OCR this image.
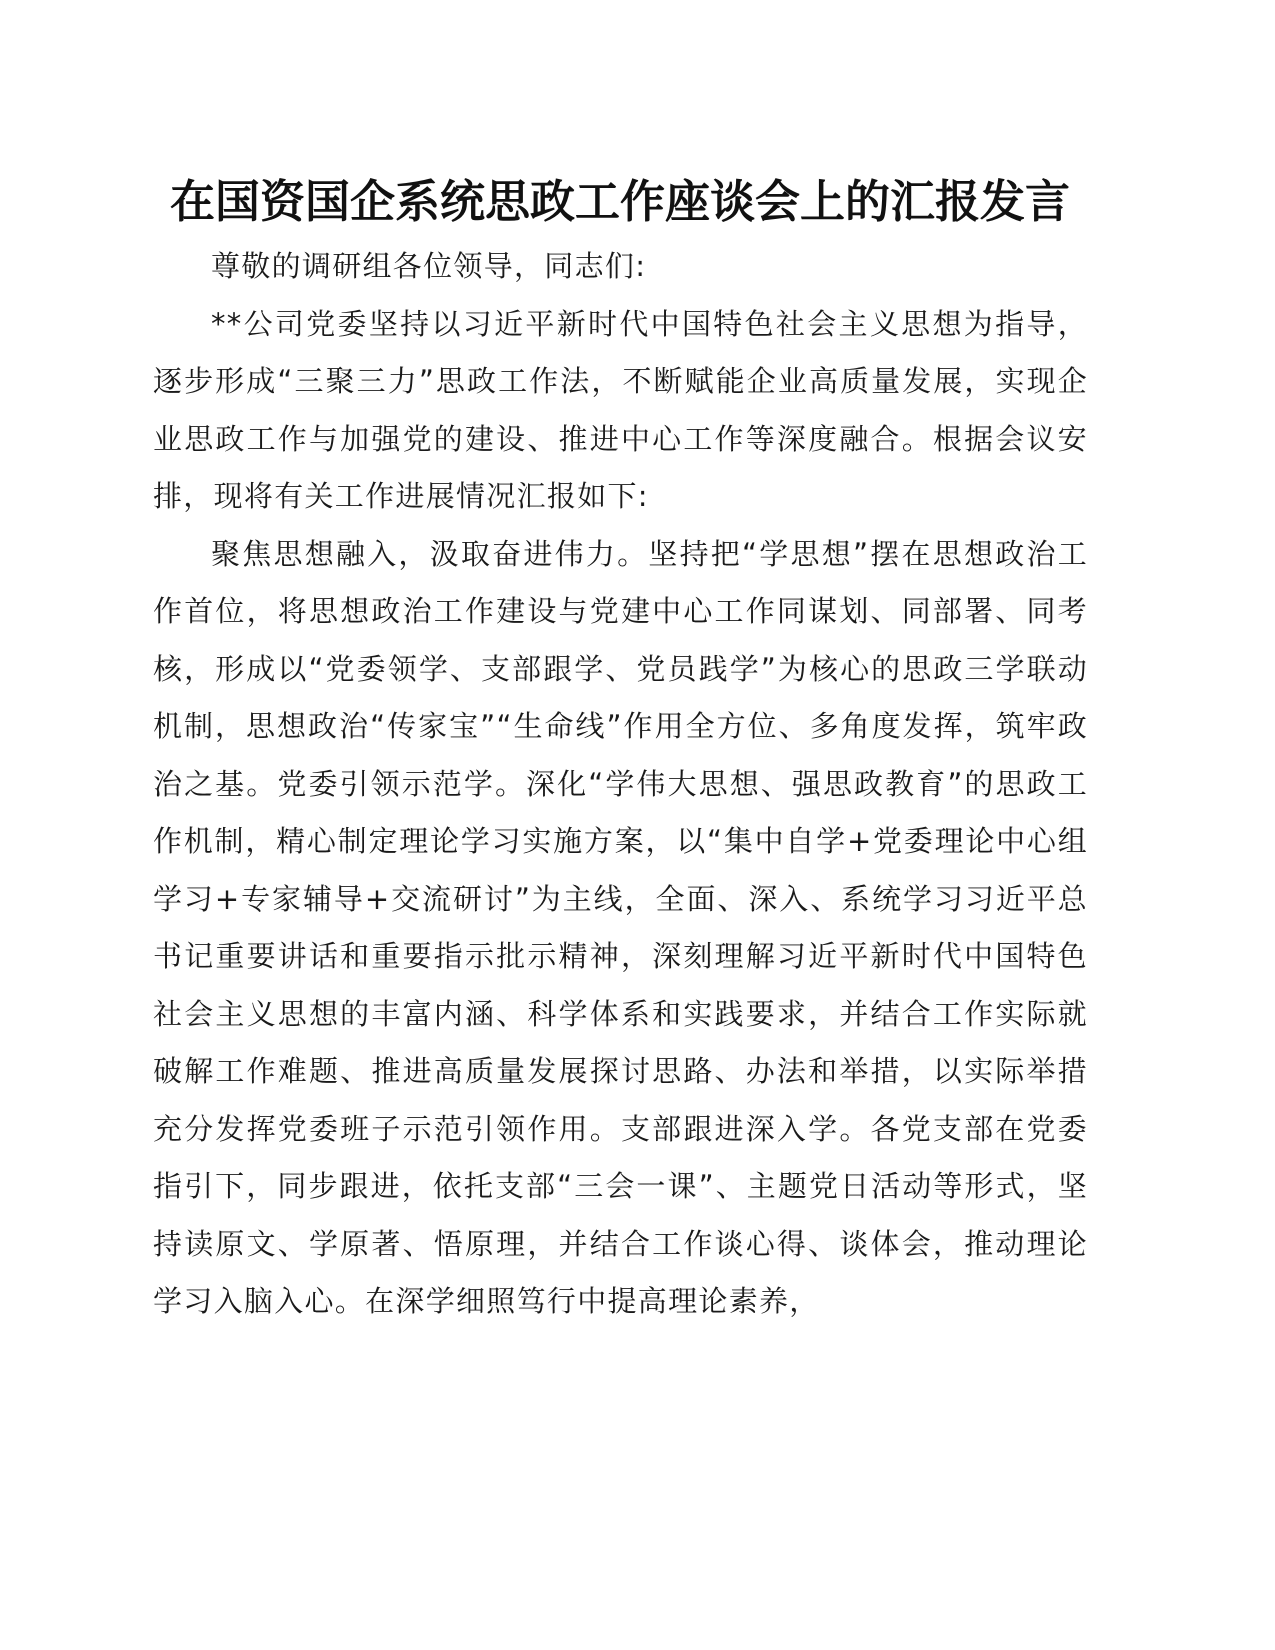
在国资国企系统思政工作座谈会上的汇报发言

尊敬的调研组各位领导，同志们:

**公司党委坚持以习近平新时代中国特色社会主义思想为指导，逐步形成“三聚三力”思政工作法，不断赋能企业高质量发展，实现企业思政工作与加强党的建设、推进中心工作等深度融合。根据会议安排，现将有关工作进展情况汇报如下:

聚焦思想融入，汲取奋进伟力。坚持把“学思想”摆在思想政治工作首位，将思想政治工作建设与党建中心工作同谋划、同部署、同考核，形成以“党委领学、支部跟学、党员践学”为核心的思政三学联动机制，思想政治“传家宝”“生命线”作用全方位、多角度发挥，筑牢政治之基。党委引领示范学。深化“学伟大思想、强思政教育”的思政工作机制，精心制定理论学习实施方案，以“集中自学+党委理论中心组学习+专家辅导+交流研讨”为主线，全面、深入、系统学习习近平总书记重要讲话和重要指示批示精神，深刻理解习近平新时代中国特色社会主义思想的丰富内涵、科学体系和实践要求，并结合工作实际就破解工作难题、推进高质量发展探讨思路、办法和举措，以实际举措充分发挥党委班子示范引领作用。支部跟进深入学。各党支部在党委指引下，同步跟进，依托支部“三会一课”、主题党日活动等形式，坚持读原文、学原著、悟原理，并结合工作谈心得、谈体会，推动理论学习入脑入心。在深学细照笃行中提高理论素养，
